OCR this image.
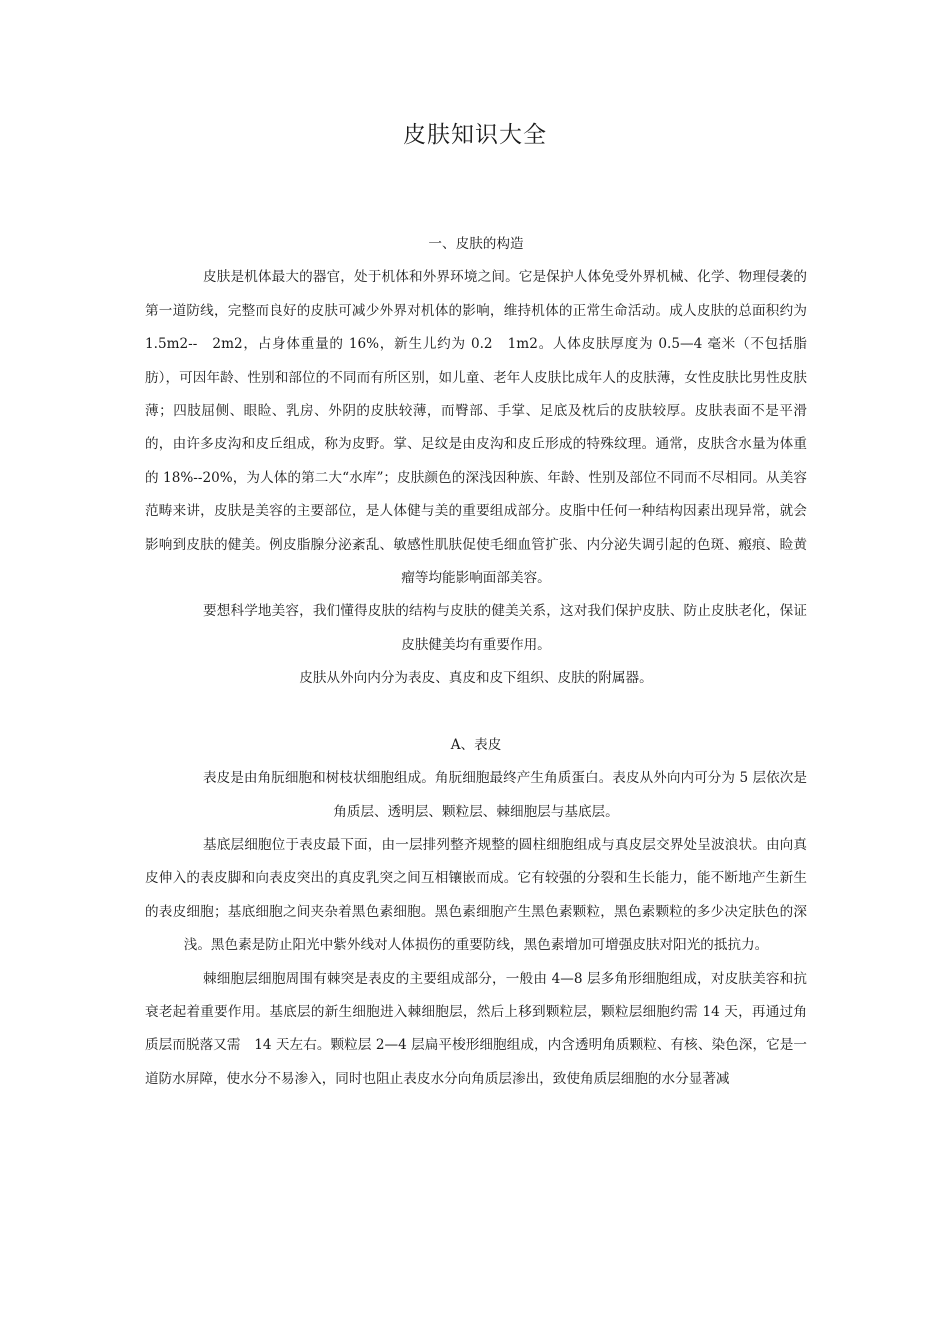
皮肤知识大全

一、皮肤的构造

皮肤是机体最大的器官，处于机体和外界环境之间。它是保护人体免受外界机械、化学、物理侵袭的第一道防线，完整而良好的皮肤可减少外界对机体的影响，维持机体的正常生命活动。成人皮肤的总面积约为 1.5m2--　2m2，占身体重量的 16%，新生儿约为 0.2　1m2。人体皮肤厚度为 0.5—4 毫米（不包括脂肪），可因年龄、性别和部位的不同而有所区别，如儿童、老年人皮肤比成年人的皮肤薄，女性皮肤比男性皮肤薄；四肢屈侧、眼睑、乳房、外阴的皮肤较薄，而臀部、手掌、足底及枕后的皮肤较厚。皮肤表面不是平滑的，由许多皮沟和皮丘组成，称为皮野。掌、足纹是由皮沟和皮丘形成的特殊纹理。通常，皮肤含水量为体重的 18%--20%，为人体的第二大“水库”；皮肤颜色的深浅因种族、年龄、性别及部位不同而不尽相同。从美容范畴来讲，皮肤是美容的主要部位，是人体健与美的重要组成部分。皮脂中任何一种结构因素出现异常，就会影响到皮肤的健美。例皮脂腺分泌紊乱、敏感性肌肤促使毛细血管扩张、内分泌失调引起的色斑、瘢痕、睑黄瘤等均能影响面部美容。

要想科学地美容，我们懂得皮肤的结构与皮肤的健美关系，这对我们保护皮肤、防止皮肤老化，保证皮肤健美均有重要作用。

皮肤从外向内分为表皮、真皮和皮下组织、皮肤的附属器。

A、表皮

表皮是由角朊细胞和树枝状细胞组成。角朊细胞最终产生角质蛋白。表皮从外向内可分为 5 层依次是角质层、透明层、颗粒层、棘细胞层与基底层。

基底层细胞位于表皮最下面，由一层排列整齐规整的圆柱细胞组成与真皮层交界处呈波浪状。由向真皮伸入的表皮脚和向表皮突出的真皮乳突之间互相镶嵌而成。它有较强的分裂和生长能力，能不断地产生新生的表皮细胞；基底细胞之间夹杂着黑色素细胞。黑色素细胞产生黑色素颗粒，黑色素颗粒的多少决定肤色的深浅。黑色素是防止阳光中紫外线对人体损伤的重要防线，黑色素增加可增强皮肤对阳光的抵抗力。

棘细胞层细胞周围有棘突是表皮的主要组成部分，一般由 4—8 层多角形细胞组成，对皮肤美容和抗衰老起着重要作用。基底层的新生细胞进入棘细胞层，然后上移到颗粒层，颗粒层细胞约需 14 天，再通过角质层而脱落又需　14 天左右。颗粒层 2—4 层扁平梭形细胞组成，内含透明角质颗粒、有核、染色深，它是一道防水屏障，使水分不易渗入，同时也阻止表皮水分向角质层渗出，致使角质层细胞的水分显著减
